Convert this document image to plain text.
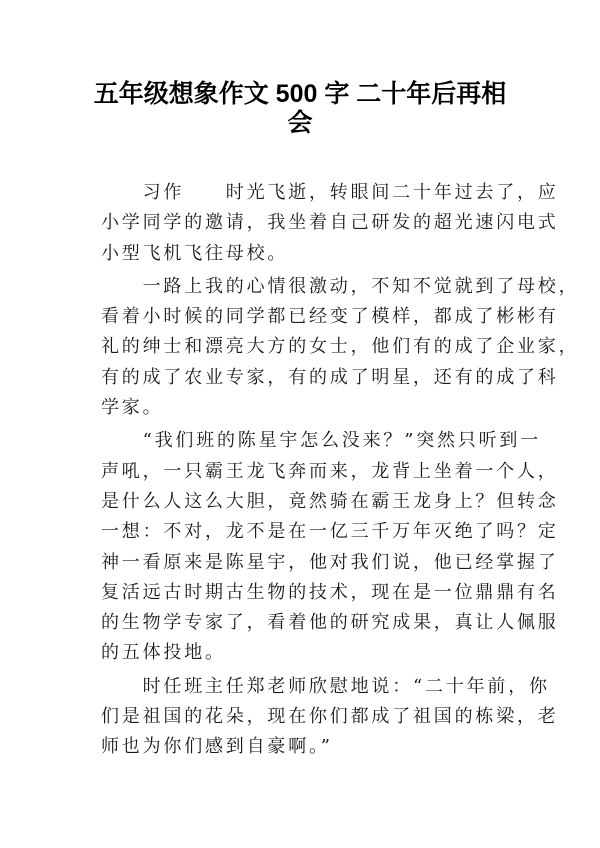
五年级想象作文 500 字 二十年后再相
会
　　习作　　时光飞逝，转眼间二十年过去了，应
小学同学的邀请，我坐着自己研发的超光速闪电式
小型飞机飞往母校。
　　一路上我的心情很激动，不知不觉就到了母校，
看着小时候的同学都已经变了模样，都成了彬彬有
礼的绅士和漂亮大方的女士，他们有的成了企业家，
有的成了农业专家，有的成了明星，还有的成了科
学家。
　　“我们班的陈星宇怎么没来？”突然只听到一
声吼，一只霸王龙飞奔而来，龙背上坐着一个人，
是什么人这么大胆，竟然骑在霸王龙身上？但转念
一想：不对，龙不是在一亿三千万年灭绝了吗？定
神一看原来是陈星宇，他对我们说，他已经掌握了
复活远古时期古生物的技术，现在是一位鼎鼎有名
的生物学专家了，看着他的研究成果，真让人佩服
的五体投地。
　　时任班主任郑老师欣慰地说：“二十年前，你
们是祖国的花朵，现在你们都成了祖国的栋梁，老
师也为你们感到自豪啊。”
